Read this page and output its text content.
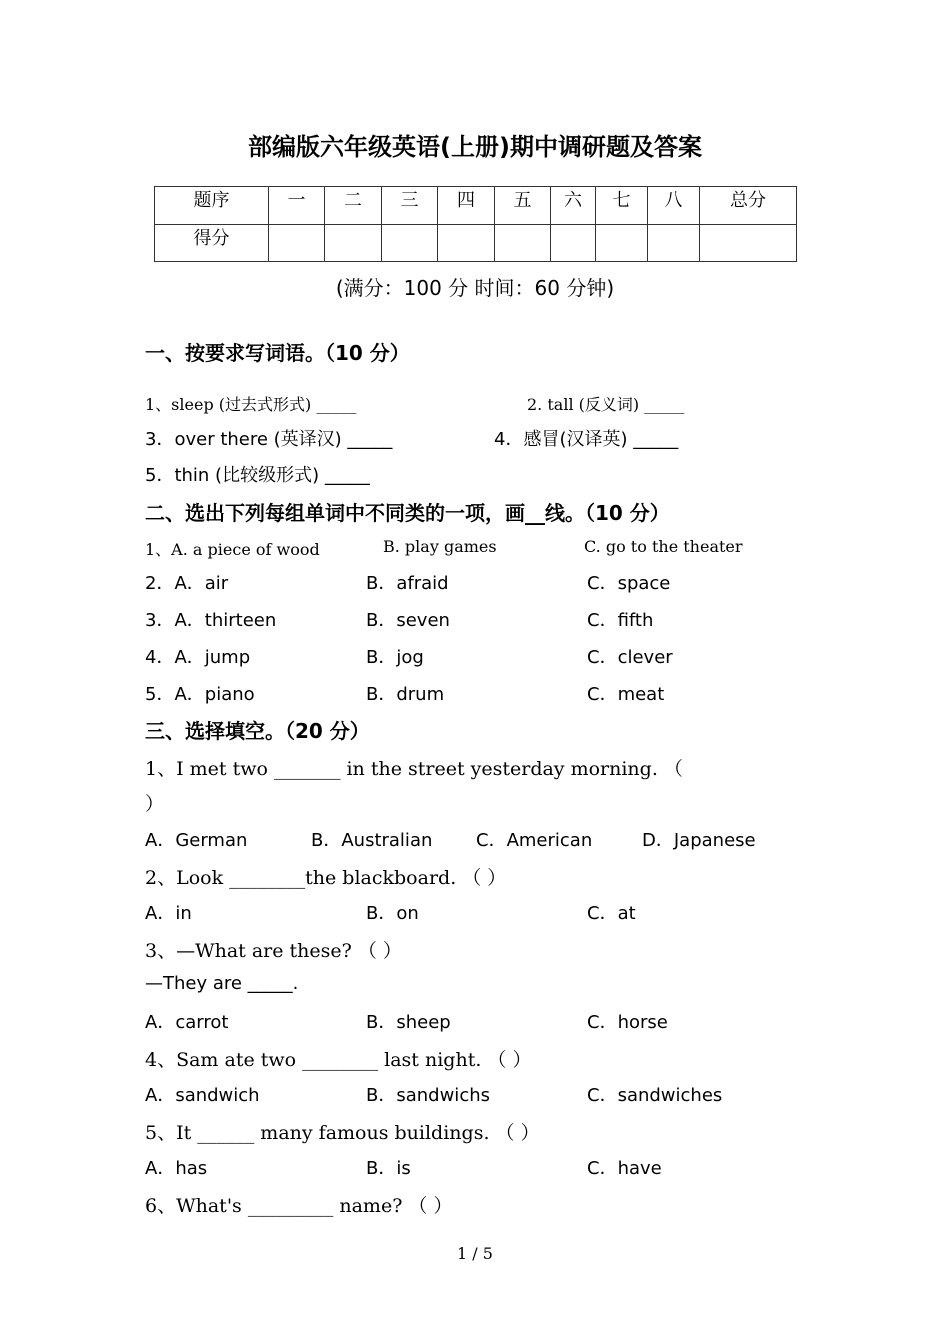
部编版六年级英语(上册)期中调研题及答案
题序	一	二	三	四	五	六	七	八	总分
得分									
(满分：100 分 时间：60 分钟)
一、按要求写词语。（10 分）
1、sleep (过去式形式) _____	2. tall (反义词) _____
3．over there (英译汉) _____	4．感冒(汉译英) _____
5．thin (比较级形式) _____
二、选出下列每组单词中不同类的一项，画__线。（10 分）
1、A. a piece of wood	B. play games	C. go to the theater
2．A．air	B．afraid	C．space
3．A．thirteen	B．seven	C．fifth
4．A．jump	B．jog	C．clever
5．A．piano	B．drum	C．meat
三、选择填空。（20 分）
1、I met two _______ in the street yesterday morning. （
）
A．German	B．Australian C．American	D．Japanese
2、Look ________the blackboard. （ ）
A．in	B．on	C．at
3、—What are these? （ ）
—They are _____.
A．carrot	B．sheep	C．horse
4、Sam ate two ________ last night. （ ）
A．sandwich	B．sandwichs	C．sandwiches
5、It ______ many famous buildings. （ ）
A．has	B．is	C．have
6、What's _________ name? （ ）
1 / 5
